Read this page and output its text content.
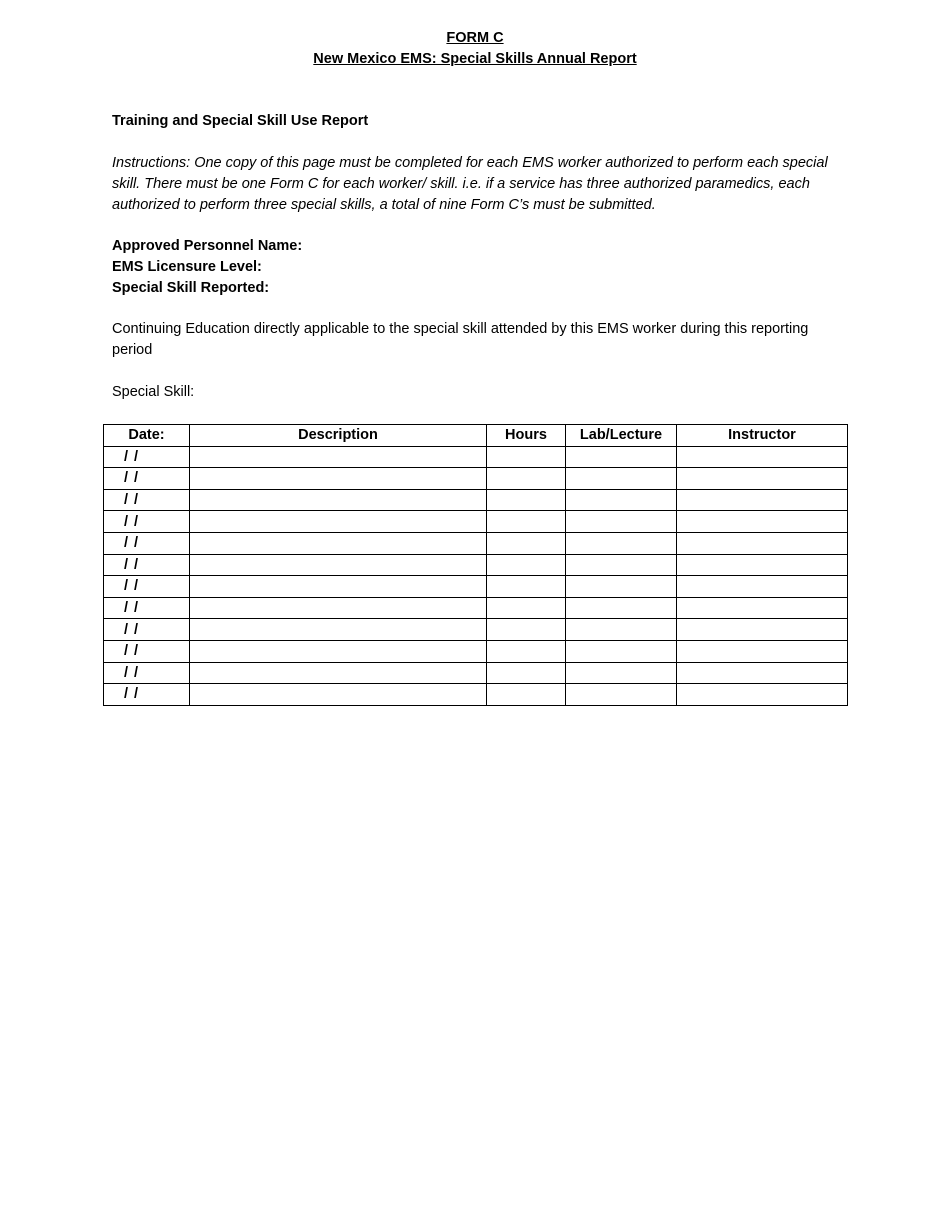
FORM C
New Mexico EMS: Special Skills Annual Report
Training and Special Skill Use Report
Instructions: One copy of this page must be completed for each EMS worker authorized to perform each special skill. There must be one Form C for each worker/ skill. i.e. if a service has three authorized paramedics, each authorized to perform three special skills, a total of nine Form C’s must be submitted.
Approved Personnel Name:
EMS Licensure Level:
Special Skill Reported:
Continuing Education directly applicable to the special skill attended by this EMS worker during this reporting period
Special Skill:
Date:	Description	Hours	Lab/Lecture	Instructor
/ /				
/ /				
/ /				
/ /				
/ /				
/ /				
/ /				
/ /				
/ /				
/ /				
/ /				
/ /				
